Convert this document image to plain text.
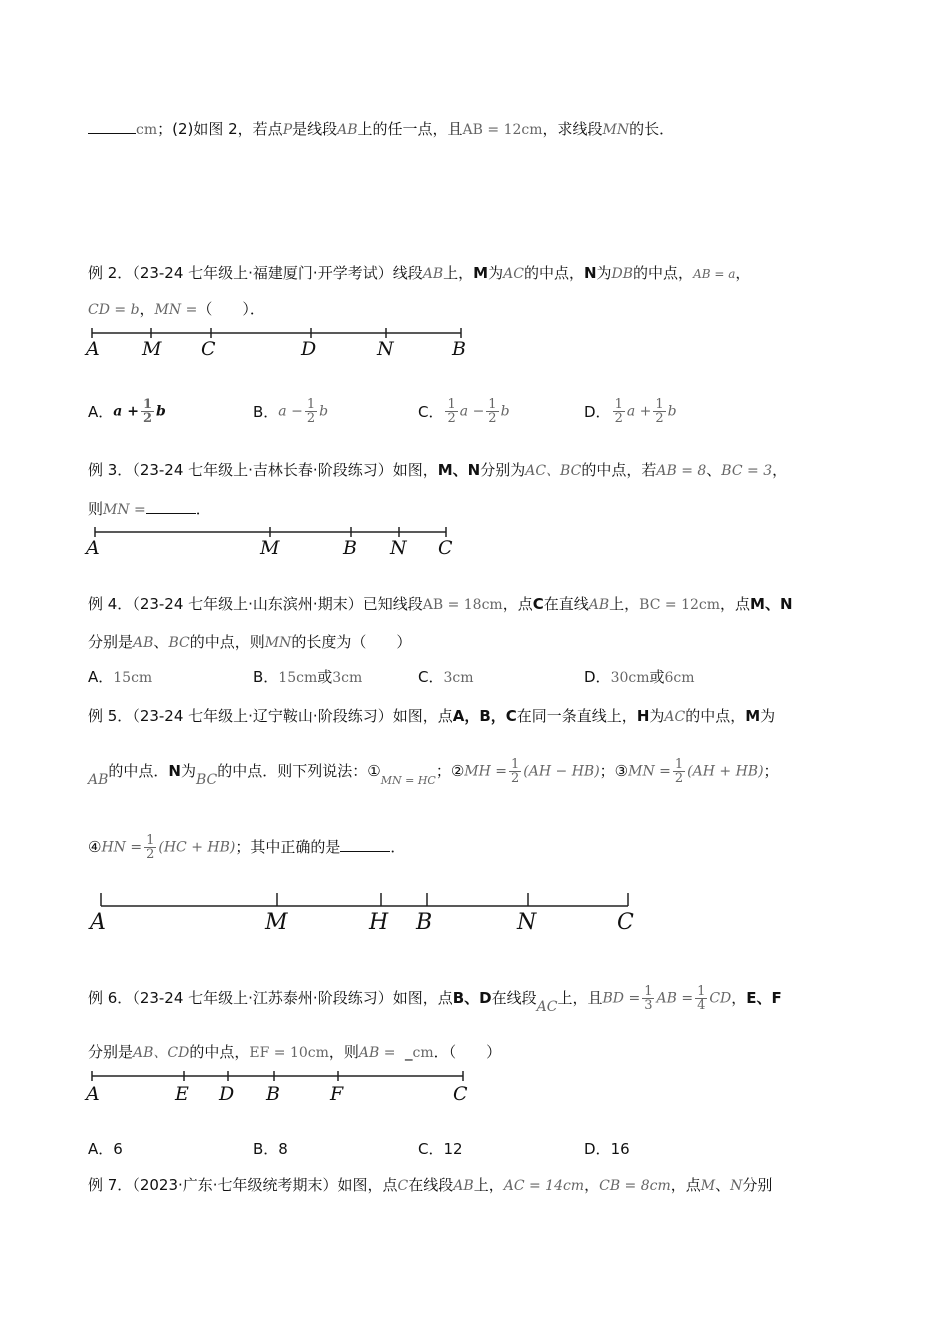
cm；(2)如图 2，若点P是线段AB上的任一点，且AB = 12cm，求线段MN的长．
例 2．（23-24 七年级上·福建厦门·开学考试）线段AB上，M为AC的中点，N为DB的中点，AB = a，
CD = b，MN =（　　）．
A M C	D	N	B
A．$a + \frac{1}{2}$ b	B．$a - \frac{1}{2}$ b	C． $\frac{1}{2}$ $a - \frac{1}{2}$ b	D． $\frac{1}{2}$ $a + \frac{1}{2}$ b
例 3．（23-24 七年级上·吉林长春·阶段练习）如图，M、N分别为AC、BC的中点，若AB = 8、BC = 3，
则MN =	．
A	M	B N C
例 4．（23-24 七年级上·山东滨州·期末）已知线段AB = 18cm，点C在直线AB上，BC = 12cm，点M、N
分别是AB、BC的中点，则MN的长度为（　　）
A．15cm	B．15cm或3cm	C．3cm	D．30cm或6cm
例 5．（23-24 七年级上·辽宁鞍山·阶段练习）如图，点A，B，C在同一条直线上，H为AC的中点，M为
AB的中点．N为BC的中点．则下列说法：$①_{MN = HC}$；②MH = $\frac{1}{2} (AH - HB)$；③MN = $\frac{1}{2} (AH + HB)$；
④HN = $\frac{1}{2} (HC + HB)$；其中正确的是	．
A	M	H B	N	C
例 6．（23-24 七年级上·江苏泰州·阶段练习）如图，点B、D在线段AC上，且BD = $\frac{1}{3}$ AB = $\frac{1}{4}$ CD，E、F
分别是AB、CD的中点，EF = 10cm，则AB = _cm．（　　）
A	E D B	F	C
A．6	B．8	C．12	D．16
例 7．（2023·广东·七年级统考期末）如图，点C在线段AB上，AC = 14cm，CB = 8cm，点M、N分别
